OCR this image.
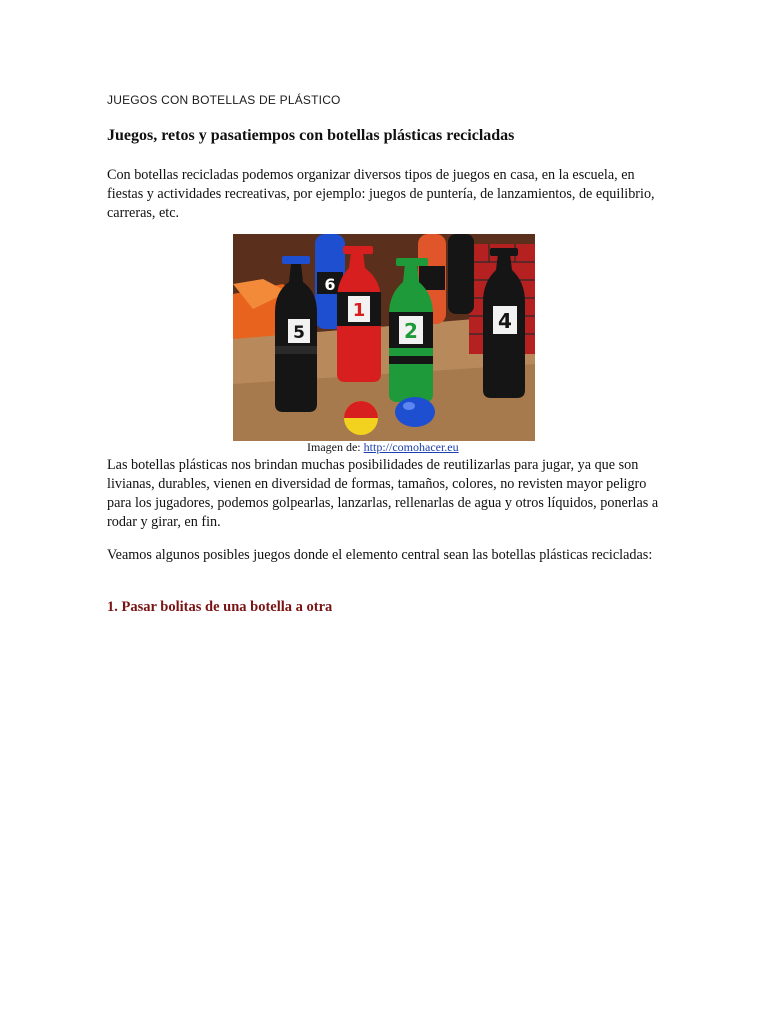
JUEGOS CON BOTELLAS DE PLÁSTICO
Juegos, retos y pasatiempos con botellas plásticas recicladas

Con botellas recicladas podemos organizar diversos tipos de juegos en casa, en la escuela, en fiestas y actividades recreativas, por ejemplo: juegos de puntería, de lanzamientos, de equilibrio, carreras, etc.

6
5
1
2	4
Imagen de: http://comohacer.eu

Las botellas plásticas nos brindan muchas posibilidades de reutilizarlas para jugar, ya que son livianas, durables, vienen en diversidad de formas, tamaños, colores, no revisten mayor peligro para los jugadores, podemos golpearlas, lanzarlas, rellenarlas de agua y otros líquidos, ponerlas a rodar y girar, en fin.

Veamos algunos posibles juegos donde el elemento central sean las botellas plásticas recicladas:

1. Pasar bolitas de una botella a otra
